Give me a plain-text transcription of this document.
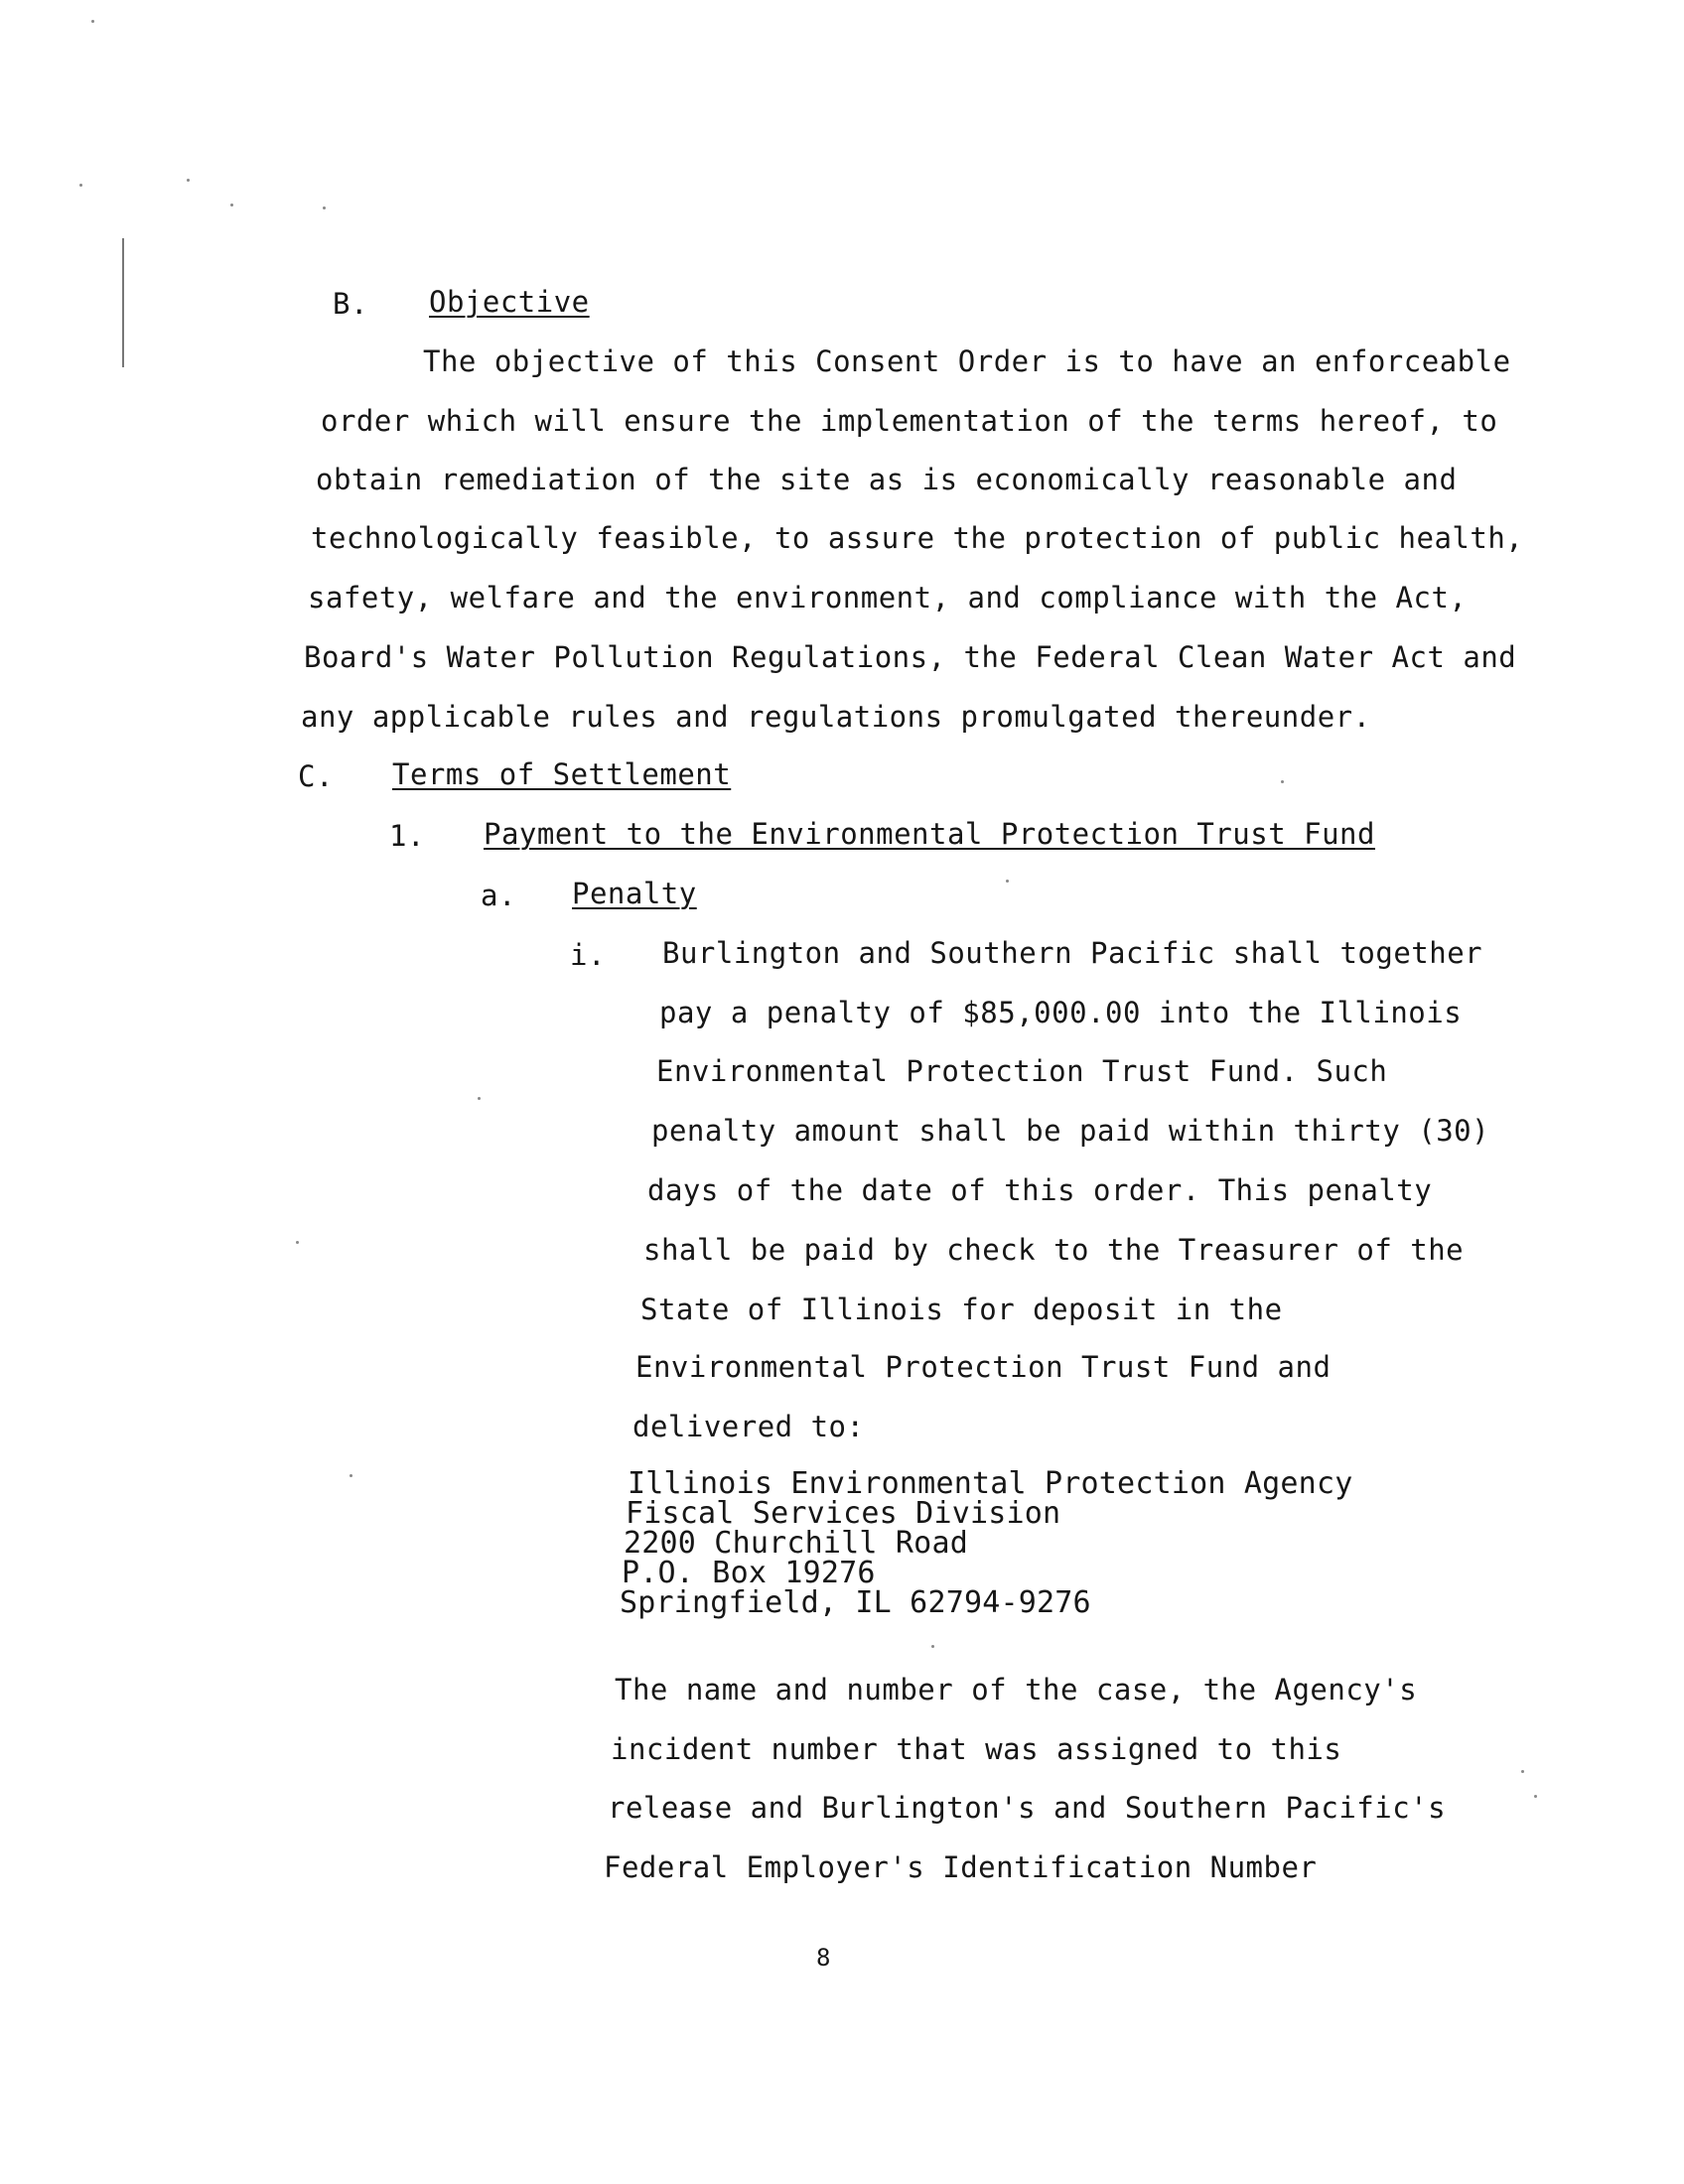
B. Objective
The objective of this Consent Order is to have an enforceable
order which will ensure the implementation of the terms hereof, to
obtain remediation of the site as is economically reasonable and
technologically feasible, to assure the protection of public health,
safety, welfare and the environment, and compliance with the Act,
Board's Water Pollution Regulations, the Federal Clean Water Act and
any applicable rules and regulations promulgated thereunder.
C. Terms of Settlement
1. Payment to the Environmental Protection Trust Fund
a. Penalty
i. Burlington and Southern Pacific shall together
pay a penalty of $85,000.00 into the Illinois
Environmental Protection Trust Fund. Such
penalty amount shall be paid within thirty (30)
days of the date of this order. This penalty
shall be paid by check to the Treasurer of the
State of Illinois for deposit in the
Environmental Protection Trust Fund and
delivered to:
Illinois Environmental Protection Agency
Fiscal Services Division
2200 Churchill Road
P.O. Box 19276
Springfield, IL 62794-9276
The name and number of the case, the Agency's
incident number that was assigned to this
release and Burlington's and Southern Pacific's
Federal Employer's Identification Number
8
